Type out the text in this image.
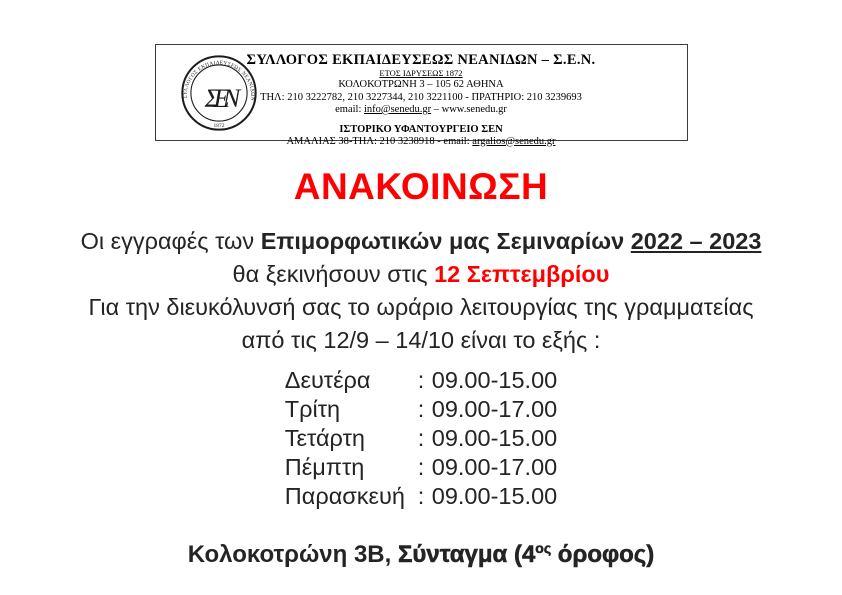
ΣΥΛΛΟΓΟΣ ΕΚΠΑΙΔΕΥΣΕΩΣ ΝΕΑΝΙΔΩΝ
ΣΕΝ
1872
ΣΥΛΛΟΓΟΣ ΕΚΠΑΙΔΕΥΣΕΩΣ ΝΕΑΝΙΔΩΝ – Σ.Ε.Ν.
ΕΤΟΣ ΙΔΡΥΣΕΩΣ 1872
ΚΟΛΟΚΟΤΡΩΝΗ 3 – 105 62 ΑΘΗΝΑ
ΤΗΛ: 210 3222782, 210 3227344, 210 3221100 - ΠΡΑΤΗΡΙΟ: 210 3239693
email: info@senedu.gr – www.senedu.gr
ΙΣΤΟΡΙΚΟ ΥΦΑΝΤΟΥΡΓΕΙΟ ΣΕΝ
ΑΜΑΛΙΑΣ 38-ΤΗΛ: 210 3238918 - email: argalios@senedu.gr
ΑΝΑΚΟΙΝΩΣΗ

Οι εγγραφές των Επιμορφωτικών μας Σεμιναρίων 2022 – 2023

θα ξεκινήσουν στις 12 Σεπτεμβρίου

Για την διευκόλυνσή σας το ωράριο λειτουργίας της γραμματείας

από τις 12/9 – 14/10 είναι το εξής :

Δευτέρα	: 09.00-15.00
Τρίτη	: 09.00-17.00
Τετάρτη	: 09.00-15.00
Πέμπτη	: 09.00-17.00
Παρασκευή : 09.00-15.00

Κολοκοτρώνη 3Β, Σύνταγμα ($4^{o\varsigma}$ όροφος)
